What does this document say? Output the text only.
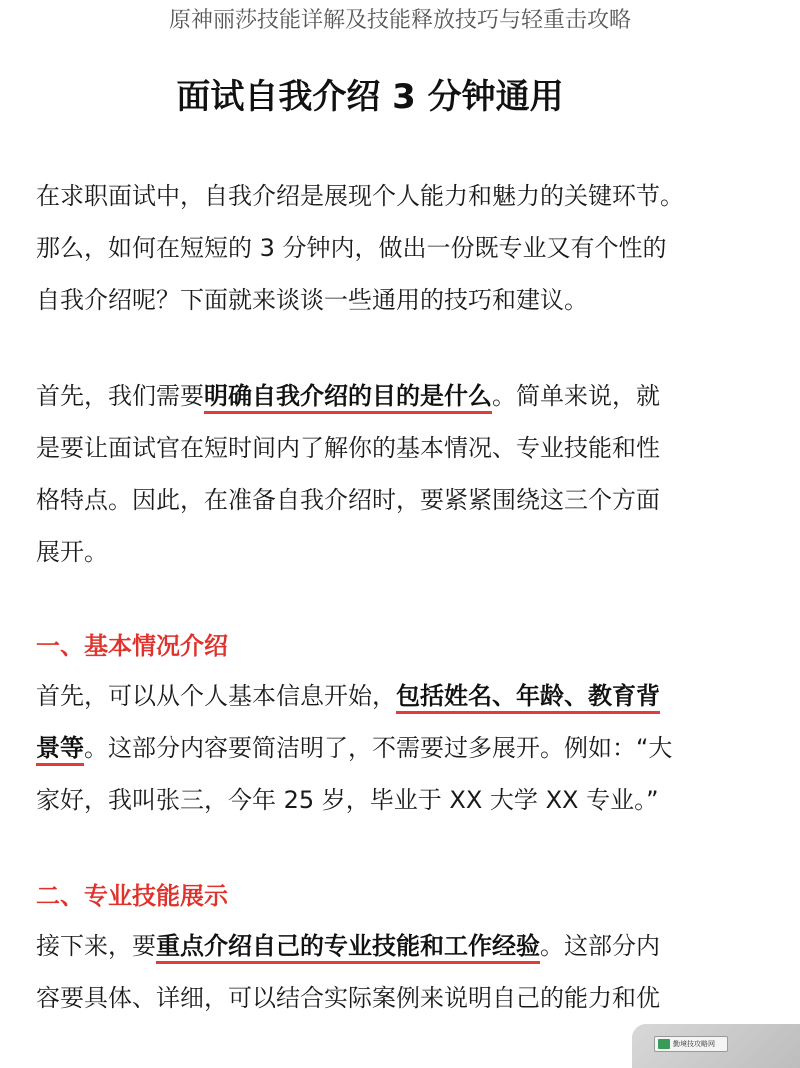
原神丽莎技能详解及技能释放技巧与轻重击攻略
面试自我介绍 3 分钟通用
在求职面试中，自我介绍是展现个人能力和魅力的关键环节。
那么，如何在短短的 3 分钟内，做出一份既专业又有个性的
自我介绍呢？下面就来谈谈一些通用的技巧和建议。
首先，我们需要明确自我介绍的目的是什么。简单来说，就
是要让面试官在短时间内了解你的基本情况、专业技能和性
格特点。因此，在准备自我介绍时，要紧紧围绕这三个方面
展开。
一、基本情况介绍
首先，可以从个人基本信息开始，包括姓名、年龄、教育背
景等。这部分内容要简洁明了，不需要过多展开。例如：“大
家好，我叫张三，今年 25 岁，毕业于 XX 大学 XX 专业。”
二、专业技能展示
接下来，要重点介绍自己的专业技能和工作经验。这部分内
容要具体、详细，可以结合实际案例来说明自己的能力和优
勤境技攻略网
